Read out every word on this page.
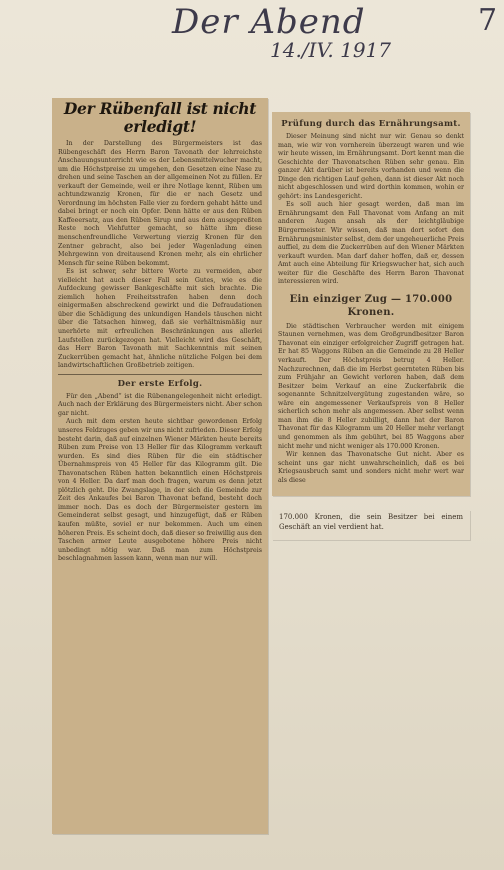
Der Abend
14./IV. 1917
7
Der Rübenfall ist nicht erledigt!

In der Darstellung des Bürgermeisters ist das Rübengeschäft des Herrn Baron Tavonath der lehrreichste Anschauungsunterricht wie es der Lebensmittelwucher macht, um die Höchstpreise zu umgehen, den Gesetzen eine Nase zu drehen und seine Taschen an der allgemeinen Not zu füllen. Er verkauft der Gemeinde, weil er ihre Notlage kennt, Rüben um achtundzwanzig Kronen, für die er nach Gesetz und Verordnung im höchsten Falle vier zu fordern gehabt hätte und dabei bringt er noch ein Opfer. Denn hätte er aus den Rüben Kaffeeersatz, aus den Rüben Sirup und aus dem ausgepreßten Reste noch Viehfutter gemacht, so hätte ihm diese menschenfreundliche Verwertung vierzig Kronen für den Zentner gebracht, also bei jeder Wagenladung einen Mehrgewinn von dreitausend Kronen mehr, als ein ehrlicher Mensch für seine Rüben bekommt.

Es ist schwer, sehr bittere Worte zu vermeiden, aber vielleicht hat auch dieser Fall sein Gutes, wie es die Aufdeckung gewisser Bankgeschäfte mit sich brachte. Die ziemlich hohen Freiheitsstrafen haben denn doch einigermaßen abschreckend gewirkt und die Defraudationen über die Schädigung des unkundigen Handels täuschen nicht über die Tatsachen hinweg, daß sie verhältnismäßig nur unerhörte mit erfreulichen Beschränkungen aus allerlei Laufstellen zurückgezogen hat. Vielleicht wird das Geschäft, das Herr Baron Tavonath mit Sachkenntnis mit seinen Zuckerrüben gemacht hat, ähnliche nützliche Folgen bei dem landwirtschaftlichen Großbetrieb zeitigen.

Der erste Erfolg.

Für den „Abend“ ist die Rübenangelegenheit nicht erledigt. Auch nach der Erklärung des Bürgermeisters nicht. Aber schon gar nicht.

Auch mit dem ersten heute sichtbar gewordenen Erfolg unseres Feldzuges geben wir uns nicht zufrieden. Dieser Erfolg besteht darin, daß auf einzelnen Wiener Märkten heute bereits Rüben zum Preise von 13 Heller für das Kilogramm verkauft wurden. Es sind dies Rüben für die ein städtischer Übernahmspreis von 45 Heller für das Kilogramm gilt. Die Thavonatschen Rüben hatten bekanntlich einen Höchstpreis von 4 Heller. Da darf man doch fragen, warum es denn jetzt plötzlich geht. Die Zwangslage, in der sich die Gemeinde zur Zeit des Ankaufes bei Baron Thavonat befand, besteht doch immer noch. Das es doch der Bürgermeister gestern im Gemeinderat selbst gesagt, und hinzugefügt, daß er Rüben kaufen müßte, soviel er nur bekommen. Auch um einen höheren Preis. Es scheint doch, daß dieser so freiwillig aus den Taschen armer Leute ausgebotene höhere Preis nicht unbedingt nötig war. Daß man zum Höchstpreis beschlagnahmen lassen kann, wenn man nur will.

Prüfung durch das Ernährungsamt.

Dieser Meinung sind nicht nur wir. Genau so denkt man, wie wir von vornherein überzeugt waren und wie wir heute wissen, im Ernährungsamt. Dort kennt man die Geschichte der Thavonatschen Rüben sehr genau. Ein ganzer Akt darüber ist bereits vorhanden und wenn die Dinge den richtigen Lauf gehen, dann ist dieser Akt noch nicht abgeschlossen und wird dorthin kommen, wohin er gehört: ins Landesgericht.

Es soll auch hier gesagt werden, daß man im Ernährungsamt den Fall Thavonat vom Anfang an mit anderen Augen ansah als der leichtgläubige Bürgermeister. Wir wissen, daß man dort sofort den Ernährungsminister selbst, dem der ungeheuerliche Preis auffiel, zu dem die Zuckerrüben auf den Wiener Märkten verkauft wurden. Man darf daher hoffen, daß er, dessen Amt auch eine Abteilung für Kriegswucher hat, sich auch weiter für die Geschäfte des Herrn Baron Thavonat interessieren wird.

Ein einziger Zug — 170.000 Kronen.

Die städtischen Verbraucher werden mit einigem Staunen vernehmen, was dem Großgrundbesitzer Baron Thavonat ein einziger erfolgreicher Zugriff getragen hat. Er hat 85 Waggons Rüben an die Gemeinde zu 28 Heller verkauft. Der Höchstpreis betrug 4 Heller. Nachzurechnen, daß die im Herbst geernteten Rüben bis zum Frühjahr an Gewicht verloren haben, daß dem Besitzer beim Verkauf an eine Zuckerfabrik die sogenannte Schnitzelvergütung zugestanden wäre, so wäre ein angemessener Verkaufspreis von 8 Heller sicherlich schon mehr als angemessen. Aber selbst wenn man ihm die 8 Heller zubilligt, dann hat der Baron Thavonat für das Kilogramm um 20 Heller mehr verlangt und genommen als ihm gebührt, bei 85 Waggons aber nicht mehr und nicht weniger als 170.000 Kronen.

Wir kennen das Thavonatsche Gut nicht. Aber es scheint uns gar nicht unwahrscheinlich, daß es bei Kriegsausbruch samt und sonders nicht mehr wert war als diese

170.000 Kronen, die sein Besitzer bei einem Geschäft an viel verdient hat.
